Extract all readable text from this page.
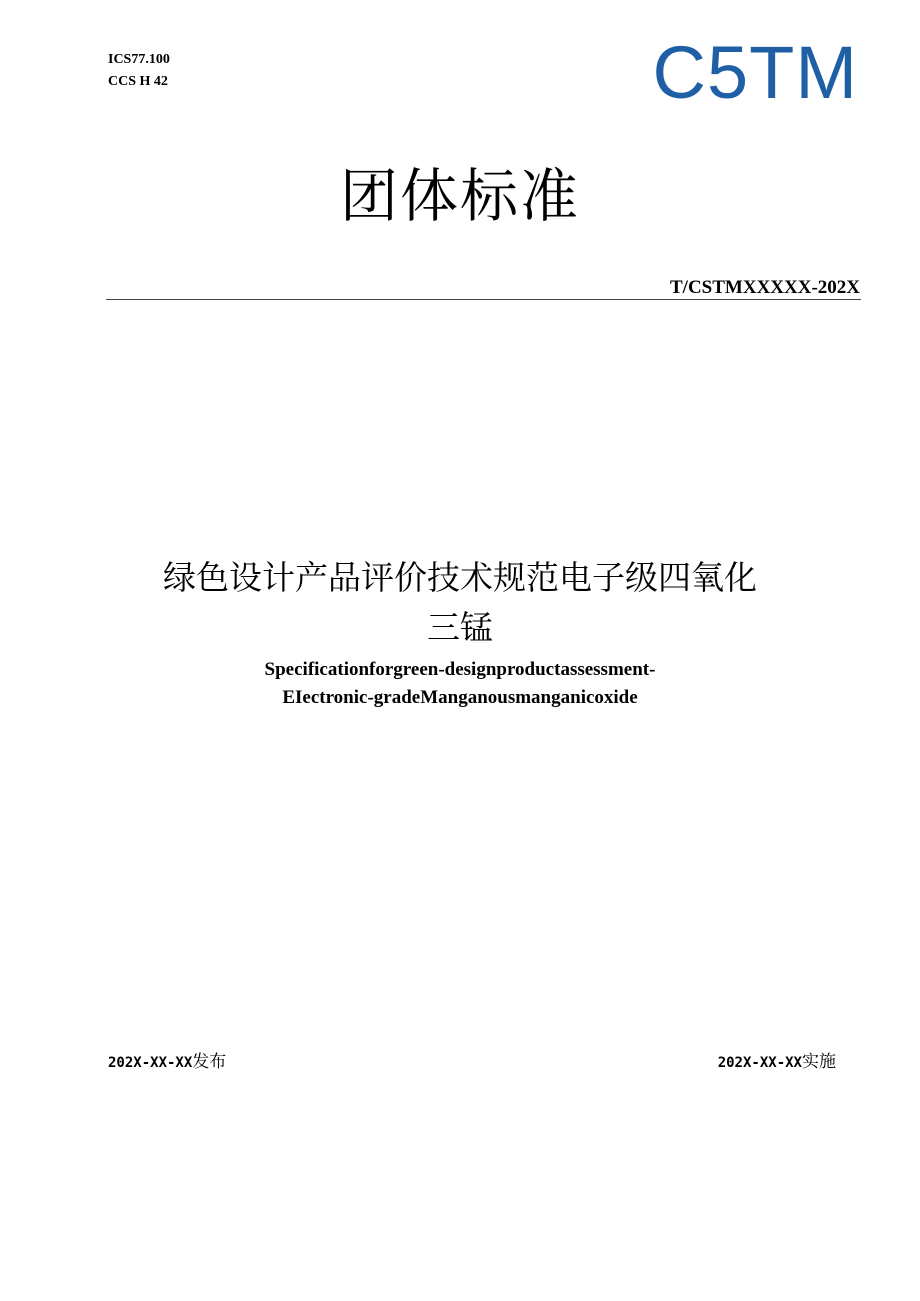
ICS77.100
CCS H 42	C5TM
团体标准
T/CSTMXXXXX-202X
绿色设计产品评价技术规范电子级四氧化
三锰
Specificationforgreen-designproductassessment-
EIectronic-gradeManganousmanganicoxide
202X-XX-XX发布	202X-XX-XX实施
